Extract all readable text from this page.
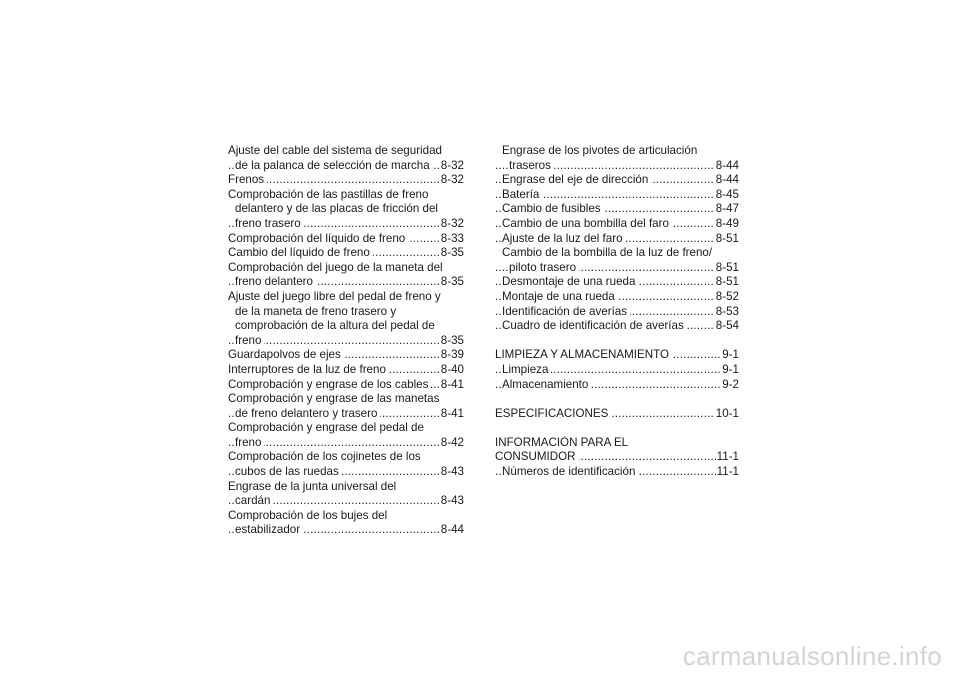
Ajuste del cable del sistema de seguridad
de la palanca de selección de marcha 8-32
.....
Frenos	8-32
.....
Comprobación de las pastillas de freno
delantero y de las placas de fricción del
freno trasero	8-32
.....
Comprobación del líquido de freno	8-33
.....
Cambio del líquido de freno	8-35
.....
Comprobación del juego de la maneta del
freno delantero	8-35
.....
Ajuste del juego libre del pedal de freno y
de la maneta de freno trasero y
comprobación de la altura del pedal de
freno	8-35
.....
Guardapolvos de ejes	8-39
.....
Interruptores de la luz de freno	8-40
.....
Comprobación y engrase de los cables 8-41
.....
Comprobación y engrase de las manetas
de freno delantero y trasero	8-41
.....
Comprobación y engrase del pedal de
freno	8-42
.....
Comprobación de los cojinetes de los
cubos de las ruedas	8-43
.....
Engrase de la junta universal del
cardán	8-43
.....
Comprobación de los bujes del
estabilizador	8-44
.....
Engrase de los pivotes de articulación
traseros	8-44
.....
Engrase del eje de dirección	8-44
.....
Batería	8-45
.....
Cambio de fusibles	8-47
.....
Cambio de una bombilla del faro	8-49
.....
Ajuste de la luz del faro	8-51
.....
Cambio de la bombilla de la luz de freno/
piloto trasero	8-51
.....
Desmontaje de una rueda	8-51
.....
Montaje de una rueda	8-52
.....
Identificación de averías	8-53
.....
Cuadro de identificación de averías	8-54
.....
LIMPIEZA Y ALMACENAMIENTO	9-1
.....
Limpieza	9-1
.....
Almacenamiento	9-2
.....
ESPECIFICACIONES	10-1
.....
INFORMACIÓN PARA EL
CONSUMIDOR	11-1
.....
Números de identificación	11-1
.....
carmanualsonline.info
